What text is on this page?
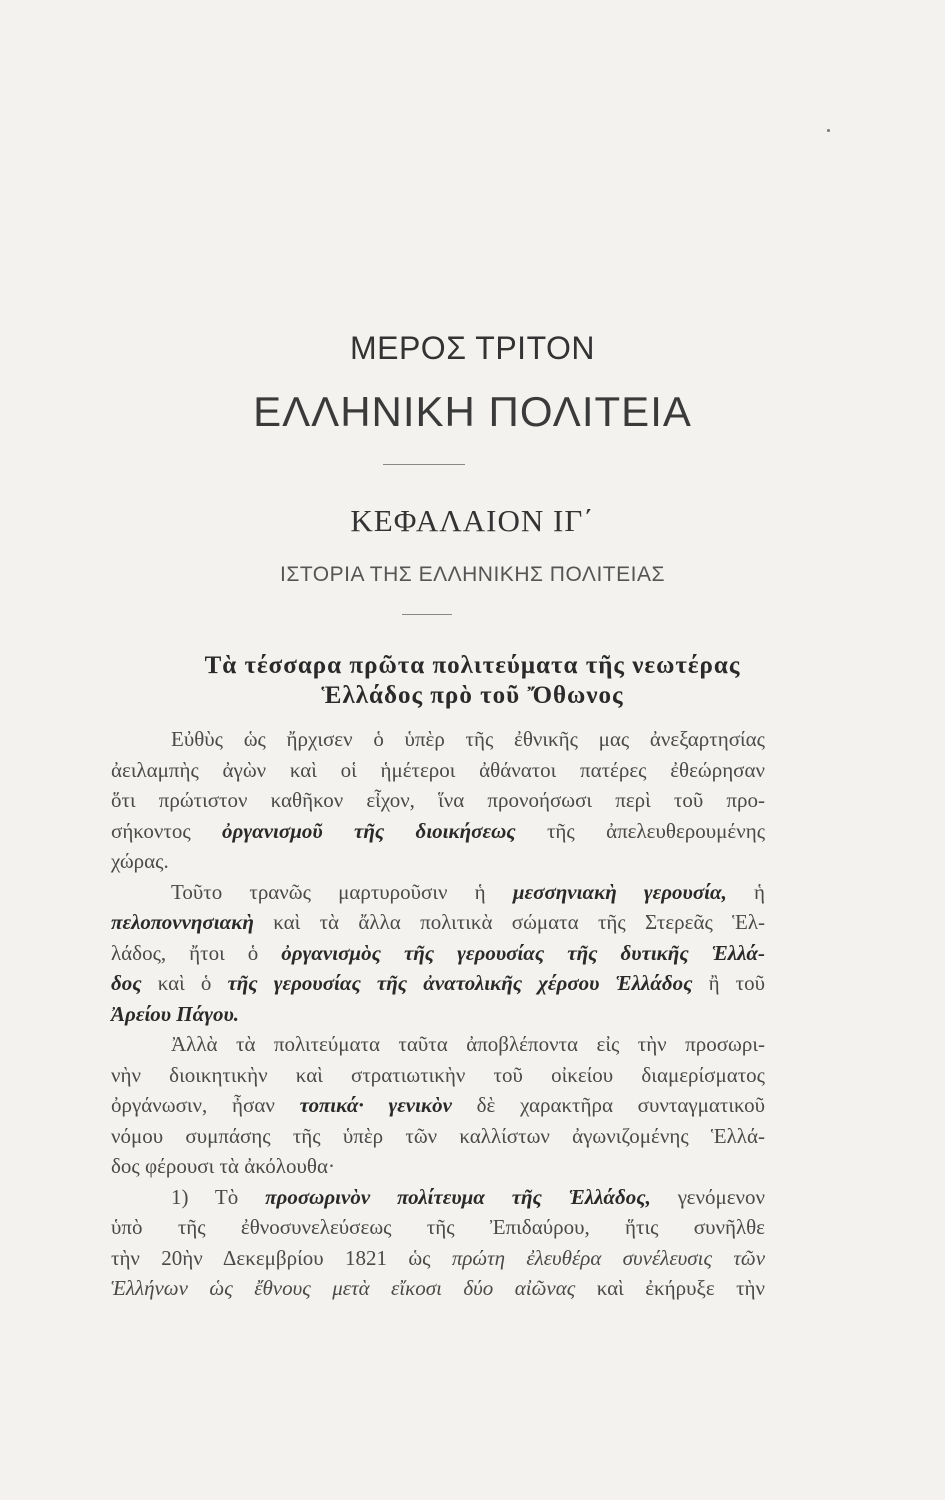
ΜΕΡΟΣ ΤΡΙΤΟΝ
ΕΛΛΗΝΙΚΗ ΠΟΛΙΤΕΙΑ
ΚΕΦΑΛΑΙΟΝ ΙΓ΄
ΙΣΤΟΡΙΑ ΤΗΣ ΕΛΛΗΝΙΚΗΣ ΠΟΛΙΤΕΙΑΣ
Τὰ τέσσαρα πρῶτα πολιτεύματα τῆς νεωτέρας
Ἑλλάδος πρὸ τοῦ Ὄθωνος

Εὐθὺς ὡς ἤρχισεν ὁ ὑπὲρ τῆς ἐθνικῆς μας ἀνεξαρτησίας
ἀειλαμπὴς ἀγὼν καὶ οἱ ἡμέτεροι ἀθάνατοι πατέρες ἐθεώρησαν
ὅτι πρώτιστον καθῆκον εἶχον, ἵνα προνοήσωσι περὶ τοῦ προ-
σήκοντος ὀργανισμοῦ τῆς διοικήσεως τῆς ἀπελευθερουμένης
χώρας.

Τοῦτο τρανῶς μαρτυροῦσιν ἡ μεσσηνιακὴ γερουσία, ἡ
πελοποννησιακὴ καὶ τὰ ἄλλα πολιτικὰ σώματα τῆς Στερεᾶς Ἑλ-
λάδος, ἤτοι ὁ ὀργανισμὸς τῆς γερουσίας τῆς δυτικῆς Ἑλλά-
δος καὶ ὁ τῆς γερουσίας τῆς ἀνατολικῆς χέρσου Ἑλλάδος ἢ τοῦ
Ἀρείου Πάγου.

Ἀλλὰ τὰ πολιτεύματα ταῦτα ἀποβλέποντα εἰς τὴν προσωρι-
νὴν διοικητικὴν καὶ στρατιωτικὴν τοῦ οἰκείου διαμερίσματος
ὀργάνωσιν, ἦσαν τοπικά· γενικὸν δὲ χαρακτῆρα συνταγματικοῦ
νόμου συμπάσης τῆς ὑπὲρ τῶν καλλίστων ἀγωνιζομένης Ἑλλά-
δος φέρουσι τὰ ἀκόλουθα·

1) Τὸ προσωρινὸν πολίτευμα τῆς Ἑλλάδος, γενόμενον
ὑπὸ τῆς ἐθνοσυνελεύσεως τῆς Ἐπιδαύρου, ἥτις συνῆλθε
τὴν 20ὴν Δεκεμβρίου 1821 ὡς πρώτη ἐλευθέρα συνέλευσις τῶν
Ἑλλήνων ὡς ἔθνους μετὰ εἴκοσι δύο αἰῶνας καὶ ἐκήρυξε τὴν
